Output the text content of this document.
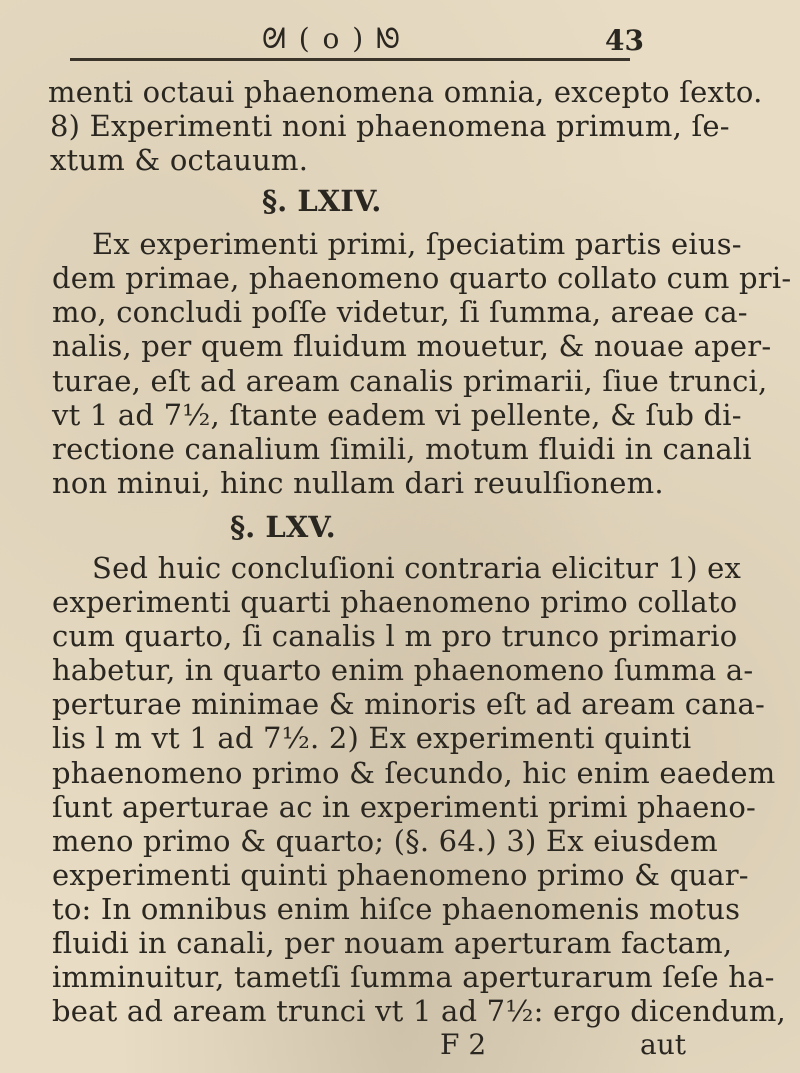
ᘛ ( o ) ᘚ	43
menti octaui phaenomena omnia, excepto ſexto.
8) Experimenti noni phaenomena primum, ſe-
xtum & octauum.
§. LXIV.
Ex experimenti primi, ſpeciatim partis eius-
dem primae, phaenomeno quarto collato cum pri-
mo, concludi poſſe videtur, ſi ſumma, areae ca-
nalis, per quem fluidum mouetur, & nouae aper-
turae, eſt ad aream canalis primarii, ſiue trunci,
vt 1 ad 7½, ſtante eadem vi pellente, & ſub di-
rectione canalium ſimili, motum fluidi in canali
non minui, hinc nullam dari reuulſionem.
§. LXV.
Sed huic concluſioni contraria elicitur 1) ex
experimenti quarti phaenomeno primo collato
cum quarto, ſi canalis l m pro trunco primario
habetur, in quarto enim phaenomeno ſumma a-
perturae minimae & minoris eſt ad aream cana-
lis l m vt 1 ad 7½. 2) Ex experimenti quinti
phaenomeno primo & ſecundo, hic enim eaedem
ſunt aperturae ac in experimenti primi phaeno-
meno primo & quarto; (§. 64.) 3) Ex eiusdem
experimenti quinti phaenomeno primo & quar-
to: In omnibus enim hiſce phaenomenis motus
fluidi in canali, per nouam aperturam factam,
imminuitur, tametſi ſumma aperturarum ſeſe ha-
beat ad aream trunci vt 1 ad 7½: ergo dicendum,
F 2	aut
